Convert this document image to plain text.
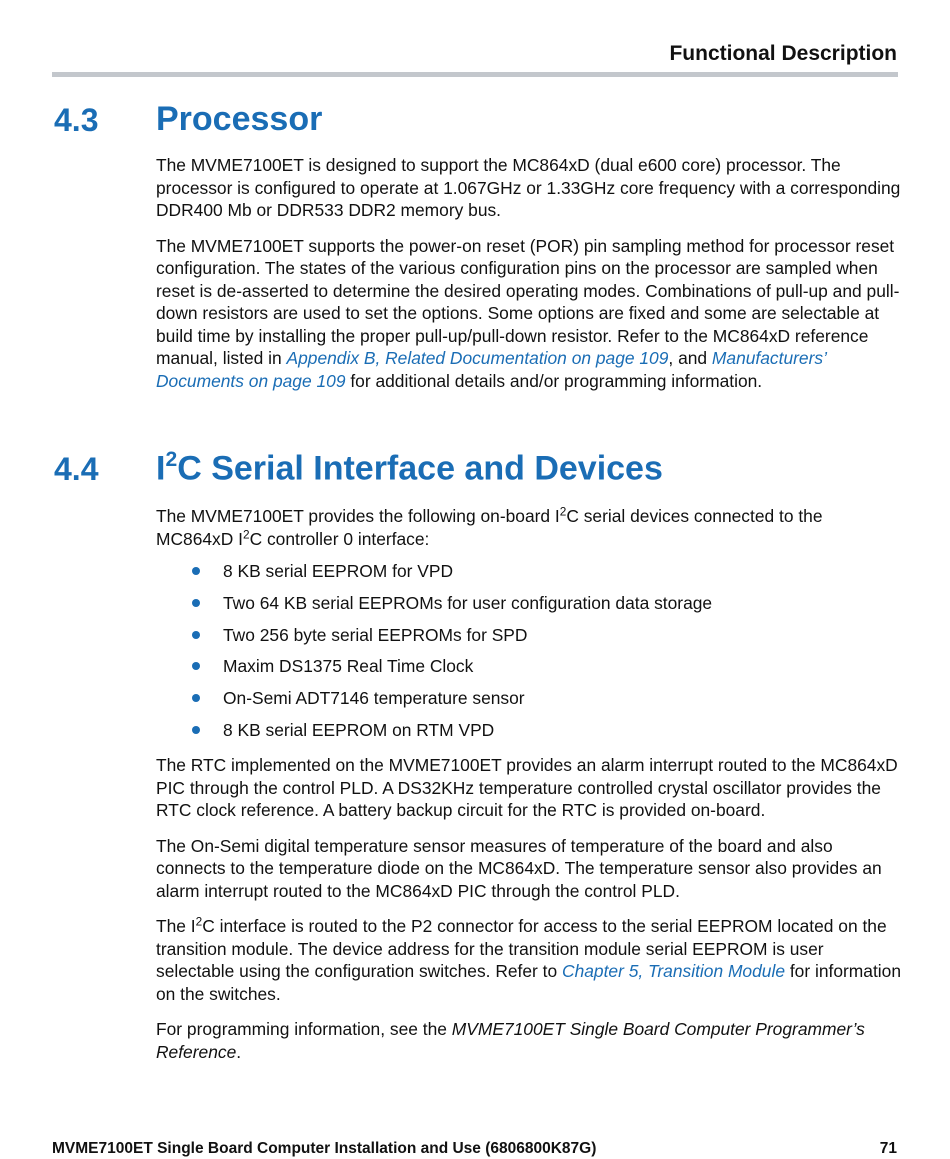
Functional Description
4.3 Processor

The MVME7100ET is designed to support the MC864xD (dual e600 core) processor. The processor is configured to operate at 1.067GHz or 1.33GHz core frequency with a corresponding DDR400 Mb or DDR533 DDR2 memory bus.

The MVME7100ET supports the power-on reset (POR) pin sampling method for processor reset configuration. The states of the various configuration pins on the processor are sampled when reset is de-asserted to determine the desired operating modes. Combinations of pull-up and pull-down resistors are used to set the options. Some options are fixed and some are selectable at build time by installing the proper pull-up/pull-down resistor. Refer to the MC864xD reference manual, listed in Appendix B, Related Documentation on page 109, and Manufacturers’ Documents on page 109 for additional details and/or programming information.

4.4 $I^2C$ Serial Interface and Devices

The MVME7100ET provides the following on-board $I^2C$ serial devices connected to the MC864xD $I^2C$ controller 0 interface:

8 KB serial EEPROM for VPD
Two 64 KB serial EEPROMs for user configuration data storage
Two 256 byte serial EEPROMs for SPD
Maxim DS1375 Real Time Clock
On-Semi ADT7146 temperature sensor
8 KB serial EEPROM on RTM VPD

The RTC implemented on the MVME7100ET provides an alarm interrupt routed to the MC864xD PIC through the control PLD. A DS32KHz temperature controlled crystal oscillator provides the RTC clock reference. A battery backup circuit for the RTC is provided on-board.

The On-Semi digital temperature sensor measures of temperature of the board and also connects to the temperature diode on the MC864xD. The temperature sensor also provides an alarm interrupt routed to the MC864xD PIC through the control PLD.

The $I^2C$ interface is routed to the P2 connector for access to the serial EEPROM located on the transition module. The device address for the transition module serial EEPROM is user selectable using the configuration switches. Refer to Chapter 5, Transition Module for information on the switches.

For programming information, see the MVME7100ET Single Board Computer Programmer’s Reference.

MVME7100ET Single Board Computer Installation and Use (6806800K87G)	71
